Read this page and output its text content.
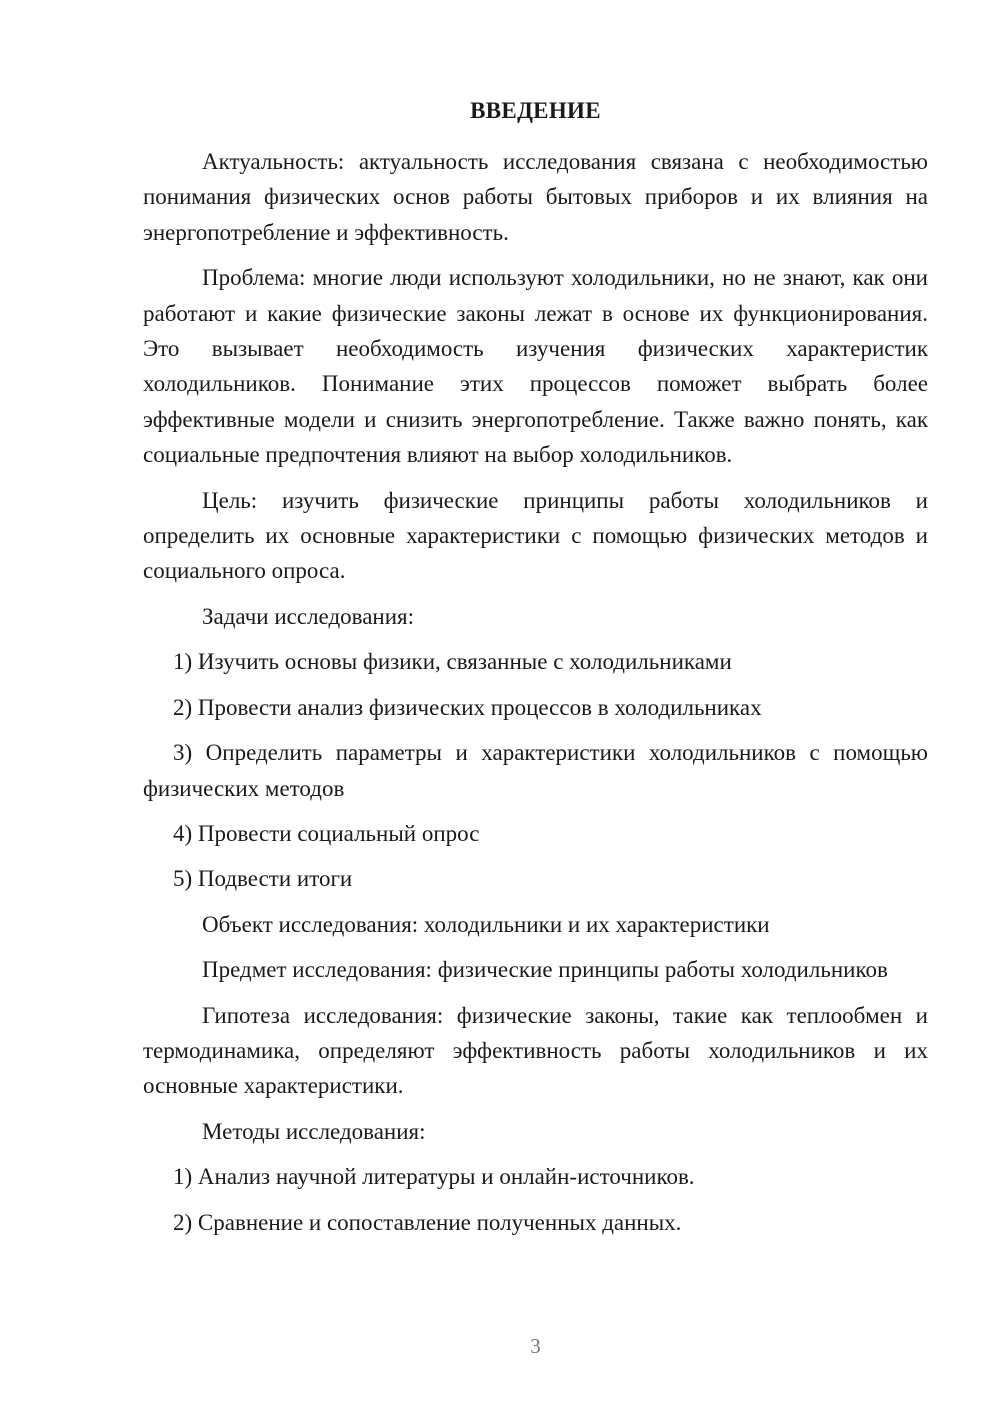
ВВЕДЕНИЕ

Актуальность: актуальность исследования связана с необходимостью понимания физических основ работы бытовых приборов и их влияния на энергопотребление и эффективность.

Проблема: многие люди используют холодильники, но не знают, как они работают и какие физические законы лежат в основе их функционирования. Это вызывает необходимость изучения физических характеристик холодильников. Понимание этих процессов поможет выбрать более эффективные модели и снизить энергопотребление. Также важно понять, как социальные предпочтения влияют на выбор холодильников.

Цель: изучить физические принципы работы холодильников и определить их основные характеристики с помощью физических методов и социального опроса.

Задачи исследования:

1) Изучить основы физики, связанные с холодильниками

2) Провести анализ физических процессов в холодильниках

3) Определить параметры и характеристики холодильников с помощью физических методов

4) Провести социальный опрос

5) Подвести итоги

Объект исследования: холодильники и их характеристики

Предмет исследования: физические принципы работы холодильников

Гипотеза исследования: физические законы, такие как теплообмен и термодинамика, определяют эффективность работы холодильников и их основные характеристики.

Методы исследования:

1) Анализ научной литературы и онлайн-источников.

2) Сравнение и сопоставление полученных данных.

3
